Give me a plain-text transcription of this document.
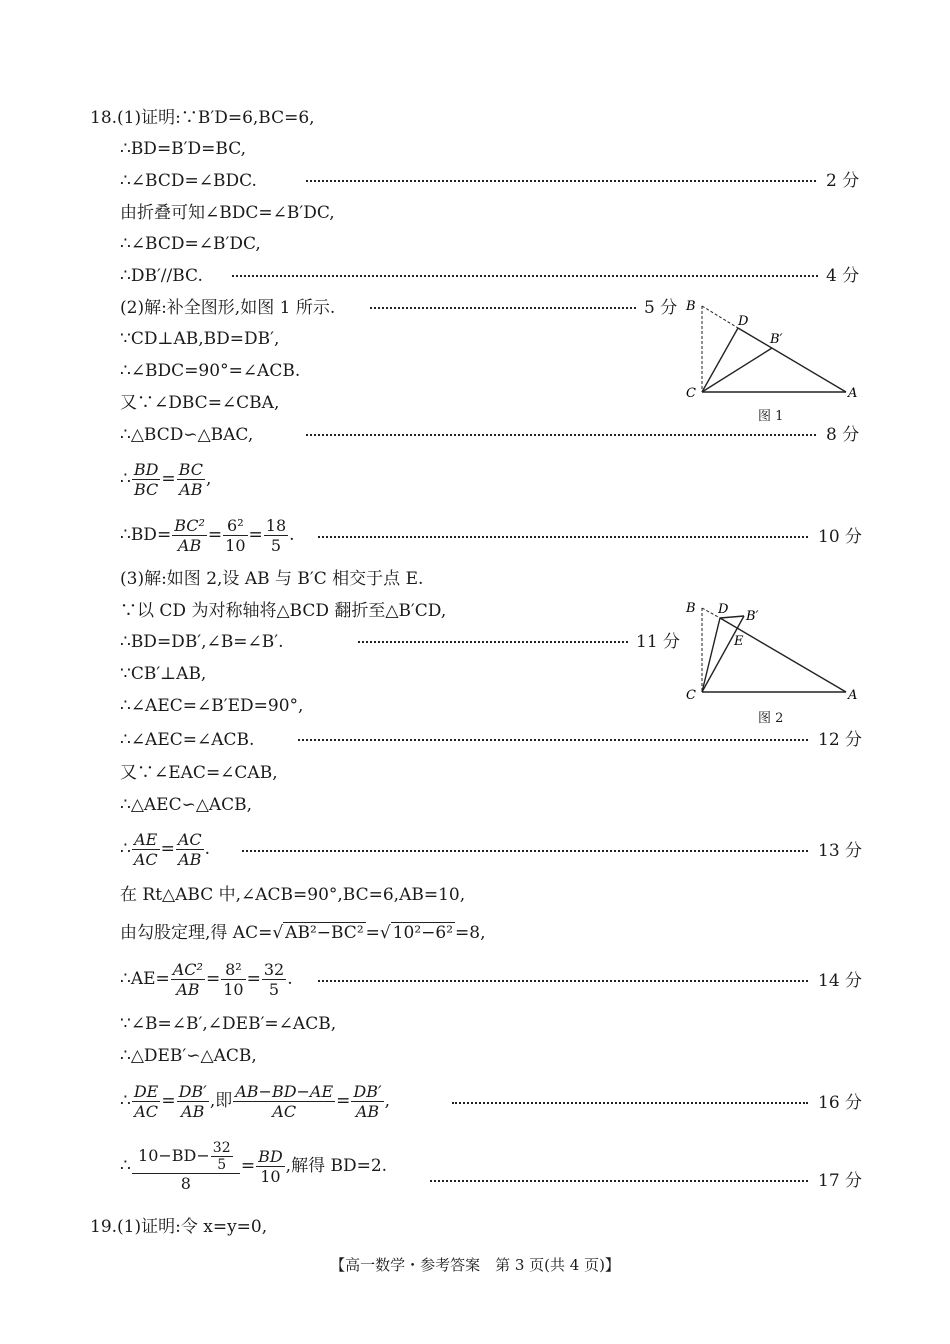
18.(1)证明:∵B′D=6,BC=6,
∴BD=B′D=BC,
∴∠BCD=∠BDC.	2 分
由折叠可知∠BDC=∠B′DC,
∴∠BCD=∠B′DC,
∴DB′//BC.	4 分
(2)解:补全图形,如图 1 所示.	5 分
∵CD⊥AB,BD=DB′,
∴∠BDC=90°=∠ACB.
又∵∠DBC=∠CBA,
∴△BCD∽△BAC,	8 分
∴ $\frac{BD}{BC} = \frac{BC}{AB}$ ,
∴BD= $\frac{\text{BC²}}{AB} = \frac{\text{6²}}{10} = \frac{18}{5}$ .	10 分
(3)解:如图 2,设 AB 与 B′C 相交于点 E.
∵以 CD 为对称轴将△BCD 翻折至△B′CD,
∴BD=DB′,∠B=∠B′.	11 分
∵CB′⊥AB,
∴∠AEC=∠B′ED=90°,
∴∠AEC=∠ACB.	12 分
又∵∠EAC=∠CAB,
∴△AEC∽△ACB,
∴ $\frac{AE}{AC} = \frac{AC}{AB}$ .	13 分
在 Rt△ABC 中,∠ACB=90°,BC=6,AB=10,
由勾股定理,得 AC=√ AB²−BC² =√ 10²−6² =8,
∴AE= $\frac{\text{AC²}}{AB} = \frac{\text{8²}}{10} = \frac{32}{5}$ .	14 分
∵∠B=∠B′,∠DEB′=∠ACB,
∴△DEB′∽△ACB,
∴ $\frac{DE}{AC} = \frac{DB'}{AB}$ ,即 $\frac{AB-BD-AE}{AC} = \frac{DB'}{AB}$ ,	16 分
∴ $\frac{10-BD- \frac{32}{5}}{8} = \frac{BD}{10}$ ,解得 BD=2.
17 分
19.(1)证明:令 x=y=0,
B
D
B′
C	A
图 1
B D B′
E
C	A
图 2
【高一数学・参考答案　第 3 页(共 4 页)】
